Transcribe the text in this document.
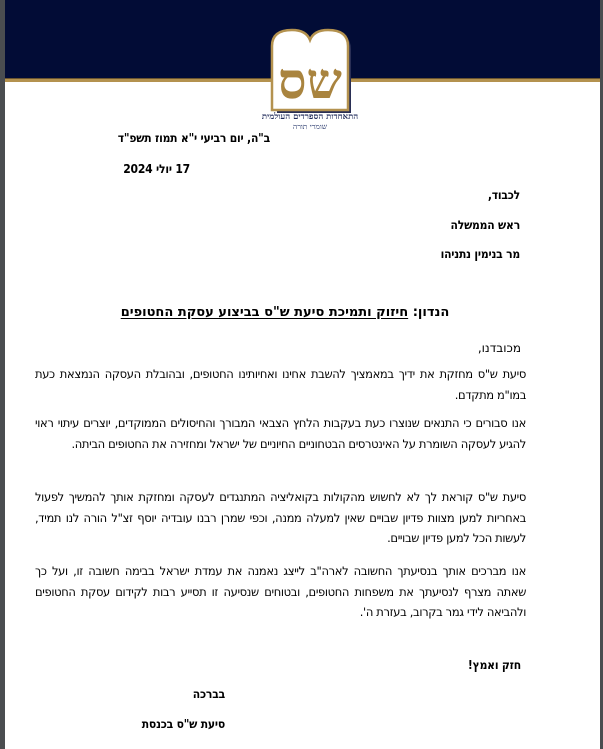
שס
התאחדות הספרדים העולמית
שומרי תורה
ב"ה, יום רביעי י"א תמוז תשפ"ד
17 יולי 2024
לכבוד,
ראש הממשלה
מר בנימין נתניהו
הנדון: חיזוק ותמיכת סיעת ש"ס בביצוע עסקת החטופים
מכובדנו,
סיעת ש"ס מחזקת את ידיך במאמציך להשבת אחינו ואחיותינו החטופים, ובהובלת העסקה הנמצאת כעת במו"מ מתקדם.
אנו סבורים כי התנאים שנוצרו כעת בעקבות הלחץ הצבאי המבורך והחיסולים הממוקדים, יוצרים עיתוי ראוי להגיע לעסקה השומרת על האינטרסים הבטחוניים החיוניים של ישראל ומחזירה את החטופים הביתה.
סיעת ש"ס קוראת לך לא לחשוש מהקולות בקואליציה המתנגדים לעסקה ומחזקת אותך להמשיך לפעול באחריות למען מצוות פדיון שבויים שאין למעלה ממנה, וכפי שמרן רבנו עובדיה יוסף זצ"ל הורה לנו תמיד, לעשות הכל למען פדיון שבויים.
אנו מברכים אותך בנסיעתך החשובה לארה"ב לייצג נאמנה את עמדת ישראל בבימה חשובה זו, ועל כך שאתה מצרף לנסיעתך את משפחות החטופים, ובטוחים שנסיעה זו תסייע רבות לקידום עסקת החטופים ולהביאה לידי גמר בקרוב, בעזרת ה'.
חזק ואמץ!
בברכה
סיעת ש"ס בכנסת
